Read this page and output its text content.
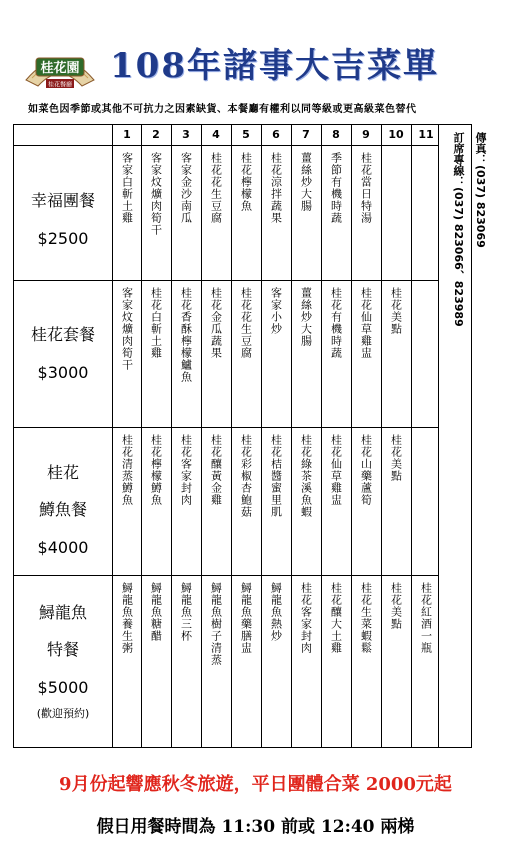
桂花園
桂花餐廳 108年諸事大吉菜單
如菜色因季節或其他不可抗力之因素缺貨、本餐廳有權利以同等級或更高級菜色替代
1	2	3	4	5	6	7	8	9	10	11
幸福團餐
$2500
客家白斬土雞 客家炆爌肉筍干 客家金沙南瓜 桂花花生豆腐 桂花檸檬魚 桂花涼拌蔬果 薑絲炒大腸 季節有機時蔬 桂花當日特湯
桂花套餐
$3000
客家炆爌肉筍干 桂花白斬土雞 桂花香酥檸檬鱸魚 桂花金瓜蔬果 桂花花生豆腐 客家小炒 薑絲炒大腸 桂花有機時蔬 桂花仙草雞盅 桂花美點
桂花
鱒魚餐
$4000
桂花清蒸鱒魚 桂花檸檬鱒魚 桂花客家封肉 桂花釀黃金雞 桂花彩椒杏鮑菇 桂花桔醬蜜里肌 桂花綠茶溪魚蝦 桂花仙草雞盅 桂花山藥蘆筍 桂花美點
鱘龍魚
特餐
$5000
(歡迎預約)
鱘龍魚養生粥 鱘龍魚糖醋 鱘龍魚三杯 鱘龍魚樹子清蒸 鱘龍魚藥膳盅 鱘龍魚熱炒 桂花客家封肉 桂花釀大土雞 桂花生菜蝦鬆 桂花美點 桂花紅酒一瓶
訂席專線：(037) 823066、823989 傳真：(037) 823069
9月份起響應秋冬旅遊，平日團體合菜 2000元起
假日用餐時間為 11:30 前或 12:40 兩梯
